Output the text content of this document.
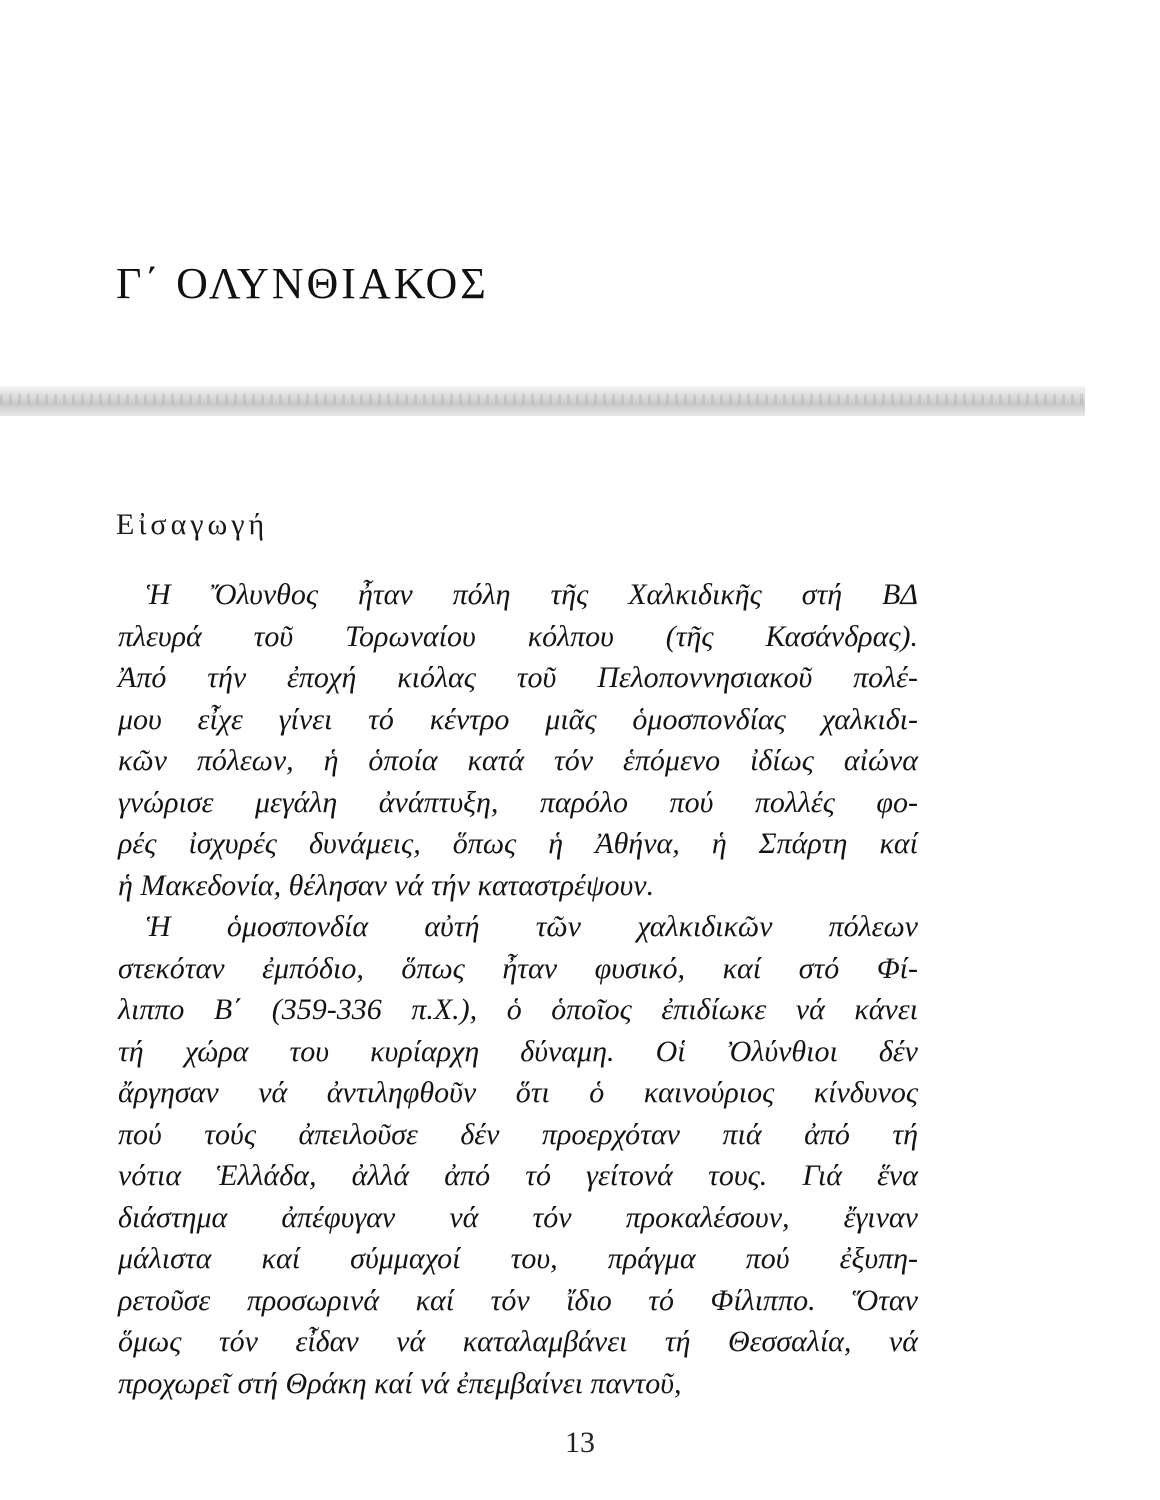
Γ΄ ΟΛΥΝΘΙΑΚΟΣ
Εἰσαγωγή
Ἡ Ὄλυνθος ἦταν πόλη τῆς Χαλκιδικῆς στή ΒΔ
πλευρά τοῦ Τορωναίου κόλπου (τῆς Κασάνδρας).
Ἀπό τήν ἐποχή κιόλας τοῦ Πελοποννησιακοῦ πολέ-
μου εἶχε γίνει τό κέντρο μιᾶς ὁμοσπονδίας χαλκιδι-
κῶν πόλεων, ἡ ὁποία κατά τόν ἑπόμενο ἰδίως αἰώνα
γνώρισε μεγάλη ἀνάπτυξη, παρόλο πού πολλές φο-
ρές ἰσχυρές δυνάμεις, ὅπως ἡ Ἀθήνα, ἡ Σπάρτη καί
ἡ Μακεδονία, θέλησαν νά τήν καταστρέψουν.
Ἡ ὁμοσπονδία αὐτή τῶν χαλκιδικῶν πόλεων
στεκόταν ἐμπόδιο, ὅπως ἦταν φυσικό, καί στό Φί-
λιππο Β΄ (359-336 π.Χ.), ὁ ὁποῖος ἐπιδίωκε νά κάνει
τή χώρα του κυρίαρχη δύναμη. Οἱ Ὀλύνθιοι δέν
ἄργησαν νά ἀντιληφθοῦν ὅτι ὁ καινούριος κίνδυνος
πού τούς ἀπειλοῦσε δέν προερχόταν πιά ἀπό τή
νότια Ἑλλάδα, ἀλλά ἀπό τό γείτονά τους. Γιά ἕνα
διάστημα ἀπέφυγαν νά τόν προκαλέσουν, ἔγιναν
μάλιστα καί σύμμαχοί του, πράγμα πού ἐξυπη-
ρετοῦσε προσωρινά καί τόν ἴδιο τό Φίλιππο. Ὅταν
ὅμως τόν εἶδαν νά καταλαμβάνει τή Θεσσαλία, νά
προχωρεῖ στή Θράκη καί νά ἐπεμβαίνει παντοῦ,
13
